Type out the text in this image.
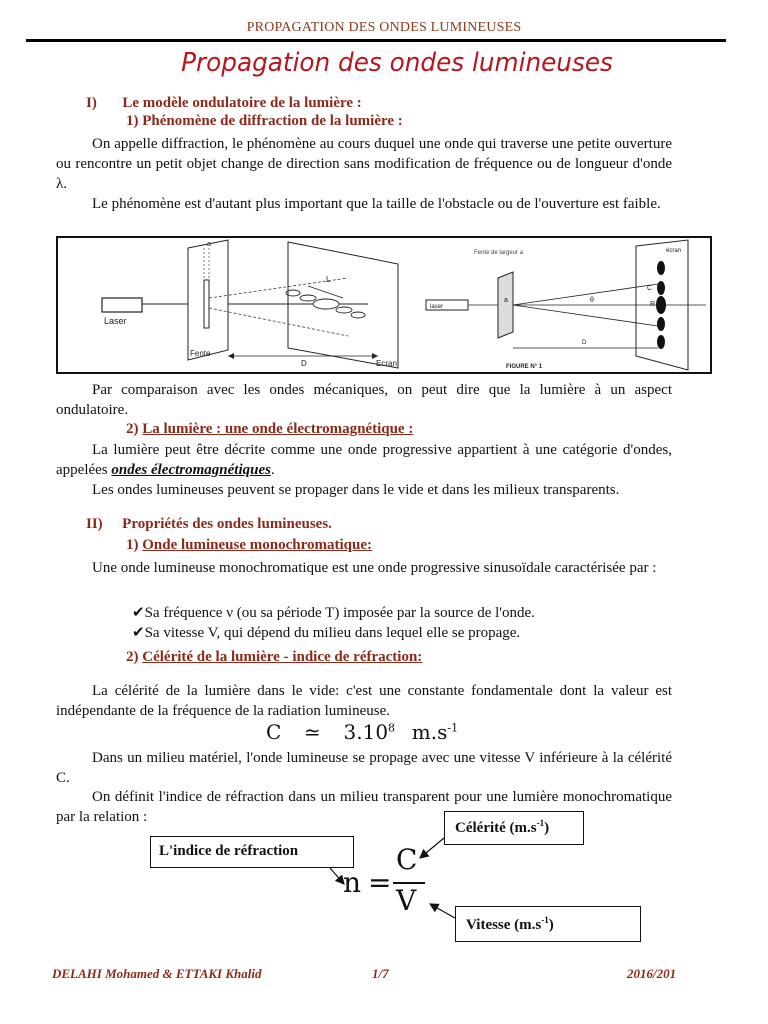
PROPAGATION DES ONDES LUMINEUSES
Propagation des ondes lumineuses
I) Le modèle ondulatoire de la lumière :
1) Phénomène de diffraction de la lumière :
On appelle diffraction, le phénomène au cours duquel une onde qui traverse une petite ouverture ou rencontre un petit objet change de direction sans modification de fréquence ou de longueur d'onde λ.
Le phénomène est d'autant plus important que la taille de l'obstacle ou de l'ouverture est faible.
Laser
a
Fente
L
Ecran
D
Fente de largeur a
laser
a
écran
C
R
θ
D
FIGURE N° 1
Par comparaison avec les ondes mécaniques, on peut dire que la lumière à un aspect ondulatoire.
2) La lumière : une onde électromagnétique :
La lumière peut être décrite comme une onde progressive appartient à une catégorie d'ondes, appelées ondes électromagnétiques.
Les ondes lumineuses peuvent se propager dans le vide et dans les milieux transparents.
II) Propriétés des ondes lumineuses.
1) Onde lumineuse monochromatique:
Une onde lumineuse monochromatique est une onde progressive sinusoïdale caractérisée par :
✔Sa fréquence ν (ou sa période T) imposée par la source de l'onde.
✔Sa vitesse V, qui dépend du milieu dans lequel elle se propage.
2) Célérité de la lumière - indice de réfraction:
La célérité de la lumière dans le vide: c'est une constante fondamentale dont la valeur est indépendante de la fréquence de la radiation lumineuse.
C ≃ 3.10$^8$ $m.s^{-1}$
Dans un milieu matériel, l'onde lumineuse se propage avec une vitesse V inférieure à la célérité C.
On définit l'indice de réfraction dans un milieu transparent pour une lumière monochromatique par la relation :
L'indice de réfraction
Célérité $(m.s^{-1})$
Vitesse $(m.s^{-1})$
n =
C
V
DELAHI Mohamed & ETTAKI Khalid	1/7	2016/201
